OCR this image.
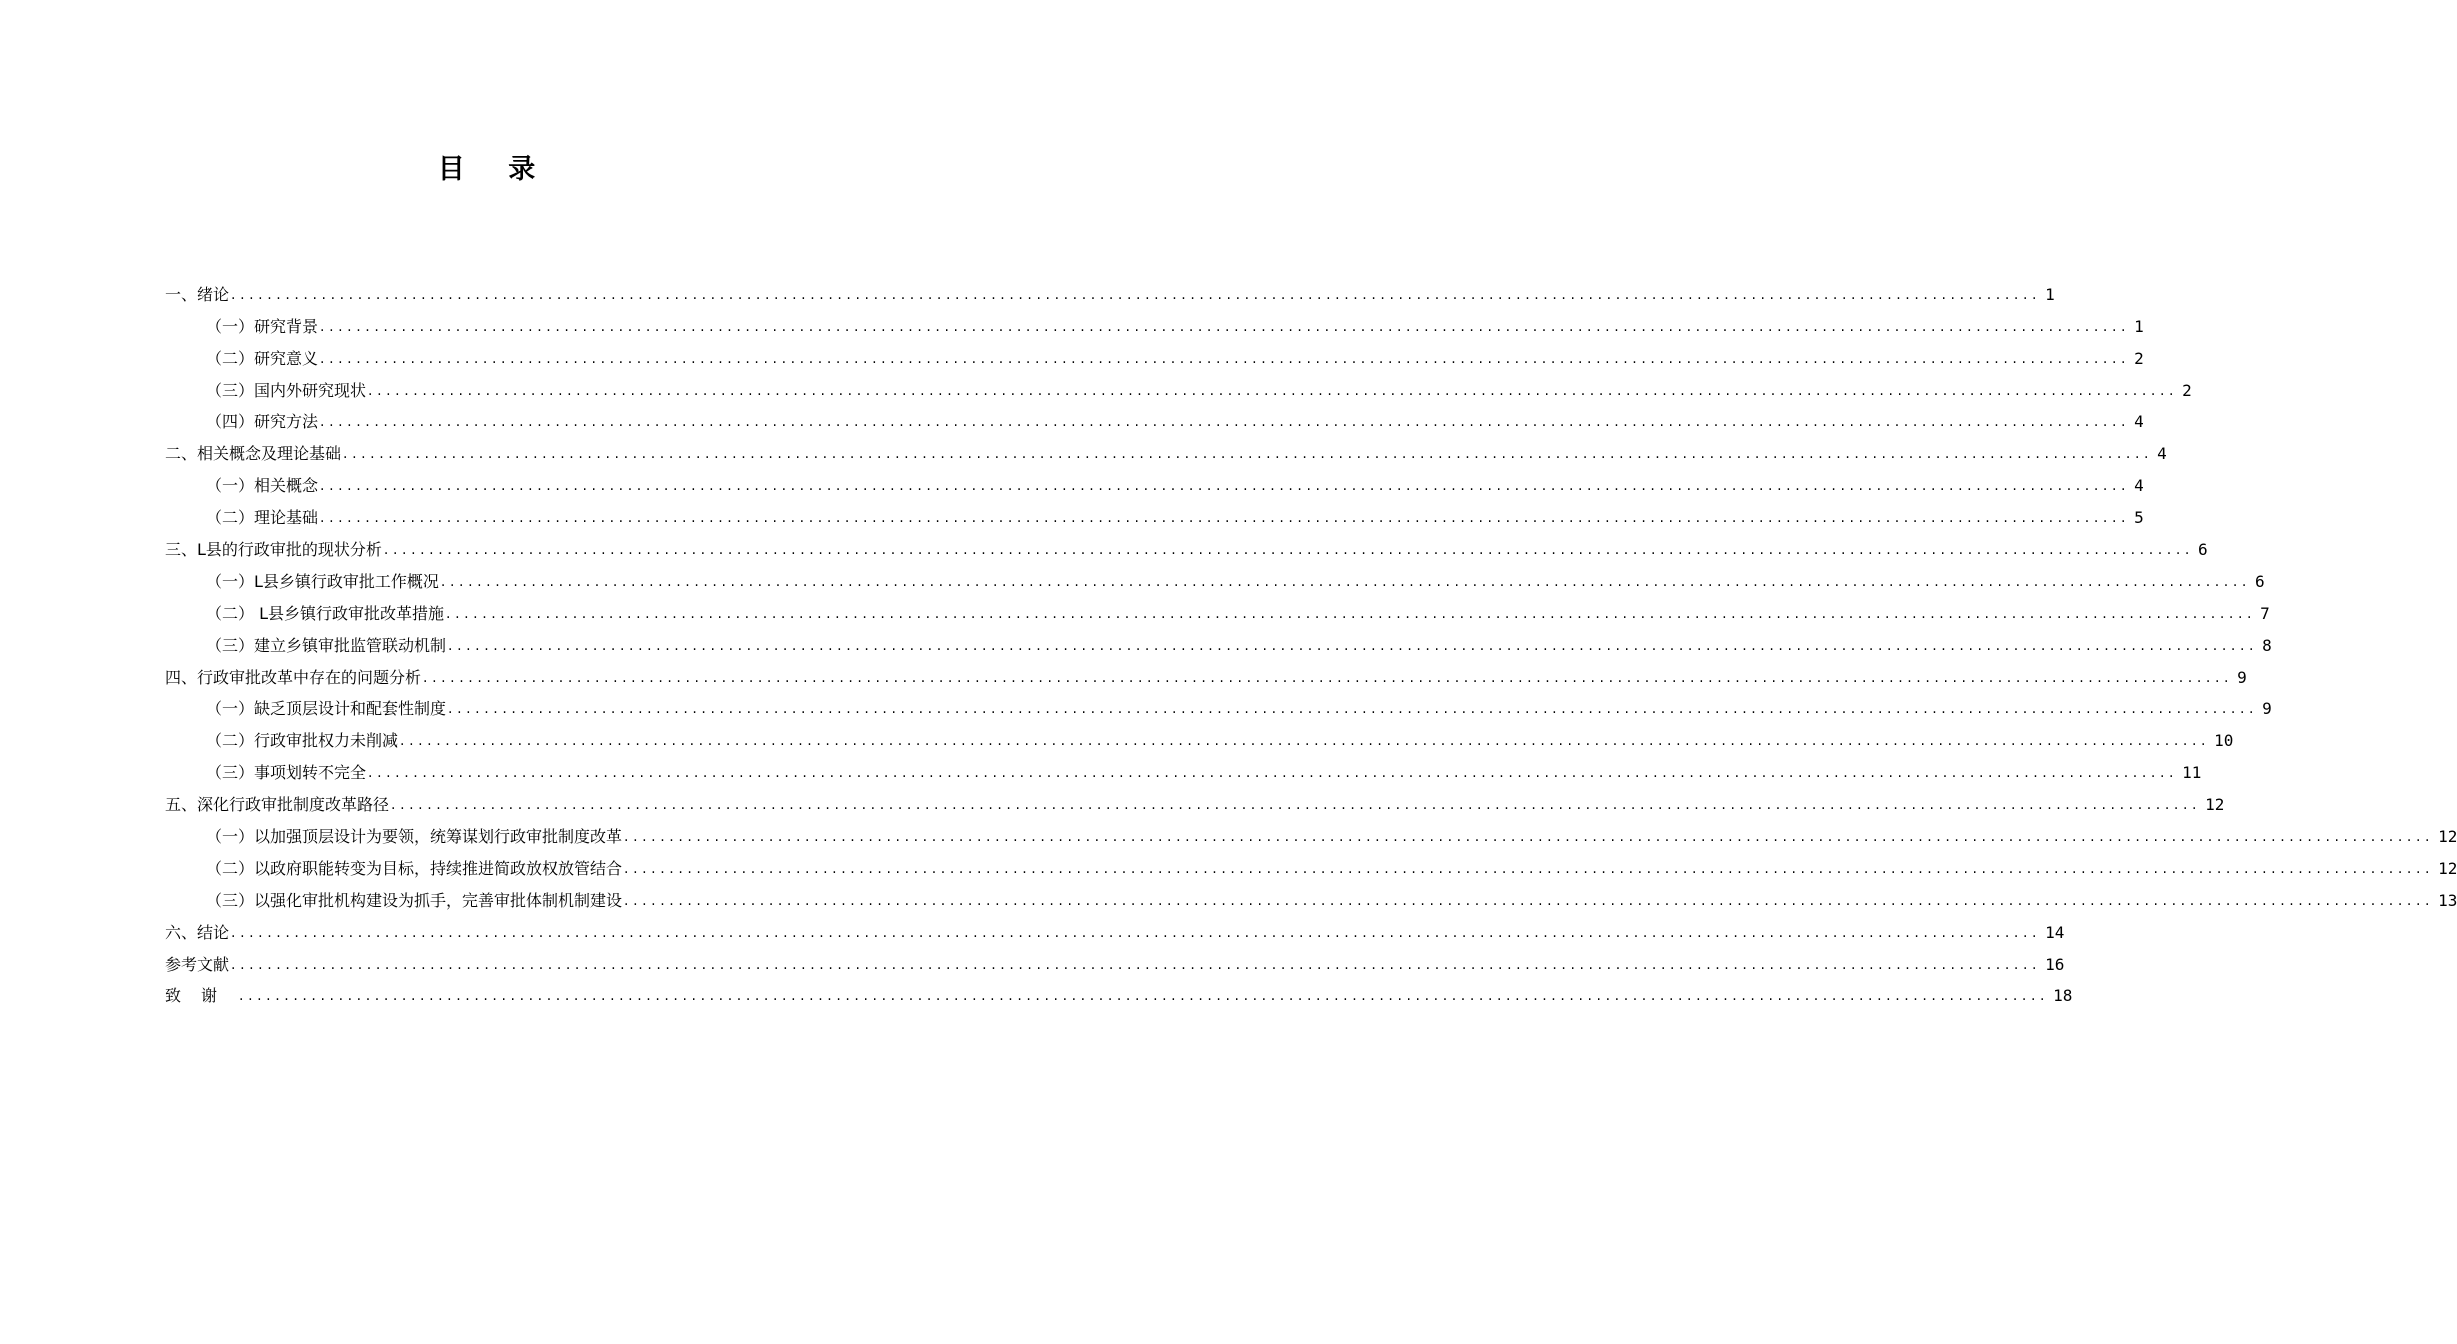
目 录
一、绪论 ........................................................................................................................................................................................................ 1
（一）研究背景 ........................................................................................................................................................................................................ 1
（二）研究意义 ........................................................................................................................................................................................................ 2
（三）国内外研究现状 ........................................................................................................................................................................................................ 2
（四）研究方法 ........................................................................................................................................................................................................ 4
二、相关概念及理论基础 ........................................................................................................................................................................................................ 4
（一）相关概念 ........................................................................................................................................................................................................ 4
（二）理论基础 ........................................................................................................................................................................................................ 5
三、L县的行政审批的现状分析 ........................................................................................................................................................................................................ 6
（一）L县乡镇行政审批工作概况 ........................................................................................................................................................................................................ 6
（二） L县乡镇行政审批改革措施 ........................................................................................................................................................................................................ 7
（三）建立乡镇审批监管联动机制 ........................................................................................................................................................................................................ 8
四、行政审批改革中存在的问题分析 ........................................................................................................................................................................................................ 9
（一）缺乏顶层设计和配套性制度 ........................................................................................................................................................................................................ 9
（二）行政审批权力未削减 ........................................................................................................................................................................................................ 10
（三）事项划转不完全 ........................................................................................................................................................................................................ 11
五、深化行政审批制度改革路径 ........................................................................................................................................................................................................ 12
（一）以加强顶层设计为要领，统筹谋划行政审批制度改革 ........................................................................................................................................................................................................ 12
（二）以政府职能转变为目标，持续推进简政放权放管结合 ........................................................................................................................................................................................................ 12
（三）以强化审批机构建设为抓手，完善审批体制机制建设 ........................................................................................................................................................................................................ 13
六、结论 ........................................................................................................................................................................................................ 14
参考文献 ........................................................................................................................................................................................................ 16
致谢 ........................................................................................................................................................................................................ 18
